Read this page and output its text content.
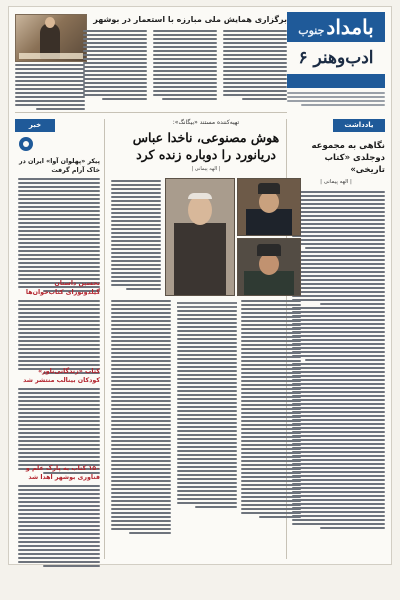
بامدادجنوب
ادب‌وهنر ۶
برگزاری همایش ملی مبارزه با استعمار در بوشهر
یادداشت
نگاهی به مجموعه دوجلدی «کتاب تاریخی»
| الهه پیمانی |
تهیه‌کننده مستند «بیگانگ»:
هوش مصنوعی، ناخدا عباس دریانورد را دوباره زنده کرد
| الهه پیمانی |
خبر
پیکر «پهلوان آوا» ایران در خاک آرام گرفت
تحسین داستان گیلدونورای کتاب‌خوان‌ها
کتاب «زندگانی‌ناور» کودکان بینالب منتشر شد
۱۵۰ کتاب به پارک علم و فناوری بوشهر اهدا شد
